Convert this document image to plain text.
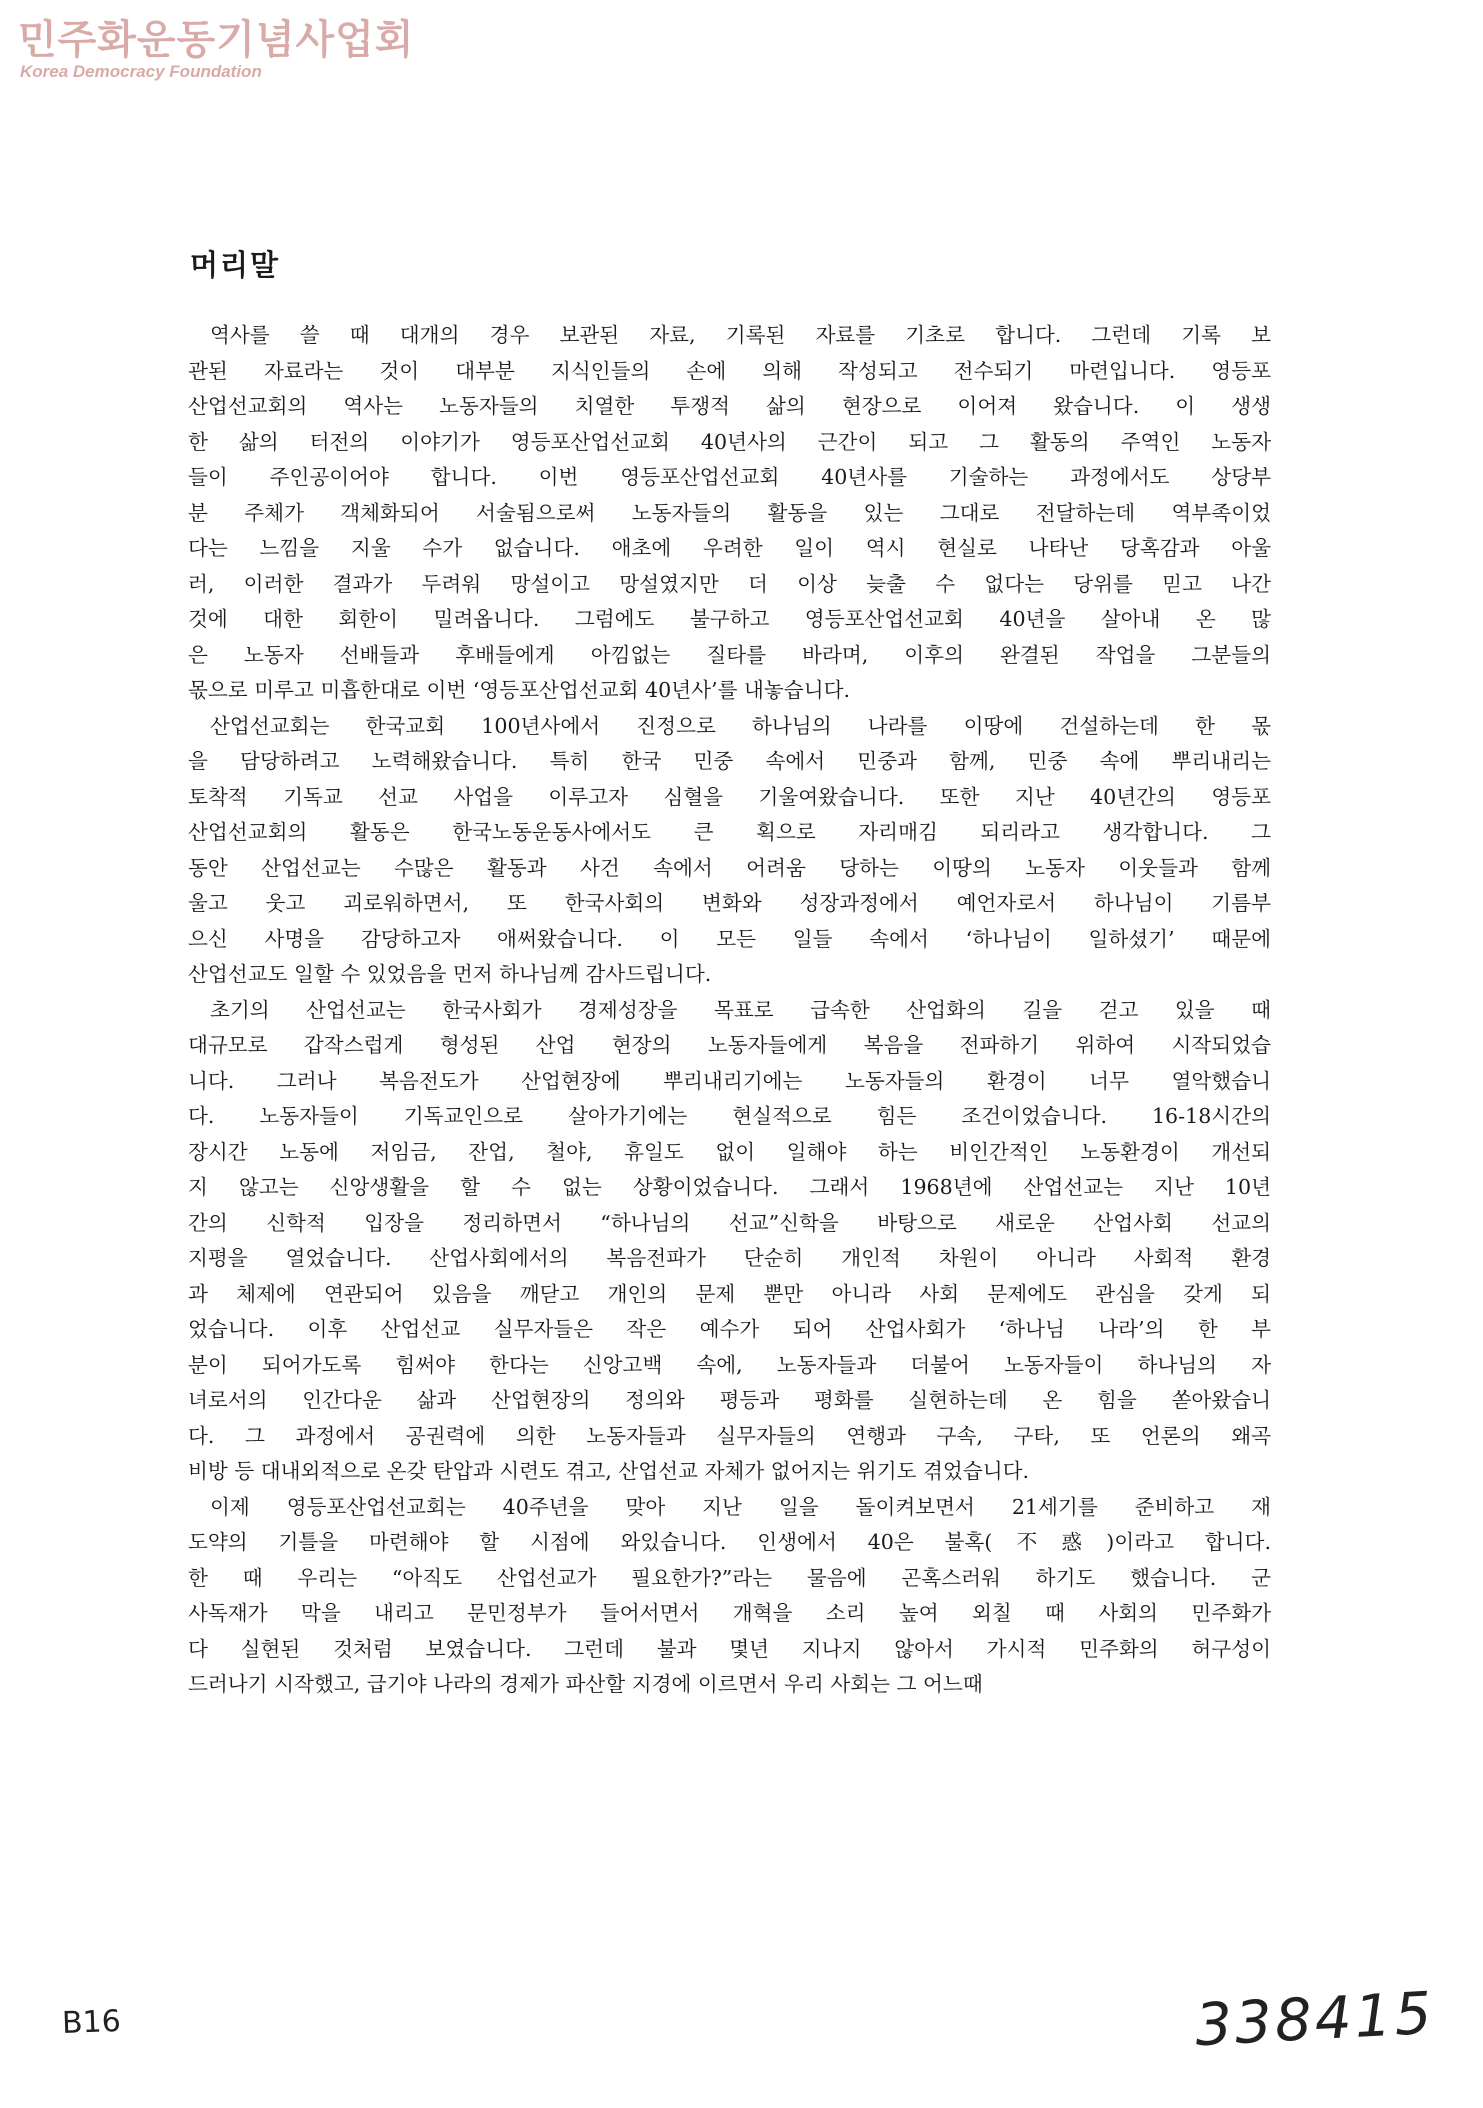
민주화운동기념사업회
Korea Democracy Foundation
머리말
역사를 쓸 때 대개의 경우 보관된 자료, 기록된 자료를 기초로 합니다. 그런데 기록 보
관된 자료라는 것이 대부분 지식인들의 손에 의해 작성되고 전수되기 마련입니다. 영등포
산업선교회의 역사는 노동자들의 치열한 투쟁적 삶의 현장으로 이어져 왔습니다. 이 생생
한 삶의 터전의 이야기가 영등포산업선교회 40년사의 근간이 되고 그 활동의 주역인 노동자
들이 주인공이어야 합니다. 이번 영등포산업선교회 40년사를 기술하는 과정에서도 상당부
분 주체가 객체화되어 서술됨으로써 노동자들의 활동을 있는 그대로 전달하는데 역부족이었
다는 느낌을 지울 수가 없습니다. 애초에 우려한 일이 역시 현실로 나타난 당혹감과 아울
러, 이러한 결과가 두려워 망설이고 망설였지만 더 이상 늦출 수 없다는 당위를 믿고 나간
것에 대한 회한이 밀려옵니다. 그럼에도 불구하고 영등포산업선교회 40년을 살아내 온 많
은 노동자 선배들과 후배들에게 아낌없는 질타를 바라며, 이후의 완결된 작업을 그분들의
몫으로 미루고 미흡한대로 이번 ‘영등포산업선교회 40년사’를 내놓습니다.
산업선교회는 한국교회 100년사에서 진정으로 하나님의 나라를 이땅에 건설하는데 한 몫
을 담당하려고 노력해왔습니다. 특히 한국 민중 속에서 민중과 함께, 민중 속에 뿌리내리는
토착적 기독교 선교 사업을 이루고자 심혈을 기울여왔습니다. 또한 지난 40년간의 영등포
산업선교회의 활동은 한국노동운동사에서도 큰 획으로 자리매김 되리라고 생각합니다. 그
동안 산업선교는 수많은 활동과 사건 속에서 어려움 당하는 이땅의 노동자 이웃들과 함께
울고 웃고 괴로워하면서, 또 한국사회의 변화와 성장과정에서 예언자로서 하나님이 기름부
으신 사명을 감당하고자 애써왔습니다. 이 모든 일들 속에서 ‘하나님이 일하셨기’ 때문에
산업선교도 일할 수 있었음을 먼저 하나님께 감사드립니다.
초기의 산업선교는 한국사회가 경제성장을 목표로 급속한 산업화의 길을 걷고 있을 때
대규모로 갑작스럽게 형성된 산업 현장의 노동자들에게 복음을 전파하기 위하여 시작되었습
니다. 그러나 복음전도가 산업현장에 뿌리내리기에는 노동자들의 환경이 너무 열악했습니
다. 노동자들이 기독교인으로 살아가기에는 현실적으로 힘든 조건이었습니다. 16-18시간의
장시간 노동에 저임금, 잔업, 철야, 휴일도 없이 일해야 하는 비인간적인 노동환경이 개선되
지 않고는 신앙생활을 할 수 없는 상황이었습니다. 그래서 1968년에 산업선교는 지난 10년
간의 신학적 입장을 정리하면서 “하나님의 선교”신학을 바탕으로 새로운 산업사회 선교의
지평을 열었습니다. 산업사회에서의 복음전파가 단순히 개인적 차원이 아니라 사회적 환경
과 체제에 연관되어 있음을 깨닫고 개인의 문제 뿐만 아니라 사회 문제에도 관심을 갖게 되
었습니다. 이후 산업선교 실무자들은 작은 예수가 되어 산업사회가 ‘하나님 나라’의 한 부
분이 되어가도록 힘써야 한다는 신앙고백 속에, 노동자들과 더불어 노동자들이 하나님의 자
녀로서의 인간다운 삶과 산업현장의 정의와 평등과 평화를 실현하는데 온 힘을 쏟아왔습니
다. 그 과정에서 공권력에 의한 노동자들과 실무자들의 연행과 구속, 구타, 또 언론의 왜곡
비방 등 대내외적으로 온갖 탄압과 시련도 겪고, 산업선교 자체가 없어지는 위기도 겪었습니다.
이제 영등포산업선교회는 40주년을 맞아 지난 일을 돌이켜보면서 21세기를 준비하고 재
도약의 기틀을 마련해야 할 시점에 와있습니다. 인생에서 40은 불혹(不惑)이라고 합니다.
한 때 우리는 “아직도 산업선교가 필요한가?”라는 물음에 곤혹스러워 하기도 했습니다. 군
사독재가 막을 내리고 문민정부가 들어서면서 개혁을 소리 높여 외칠 때 사회의 민주화가
다 실현된 것처럼 보였습니다. 그런데 불과 몇년 지나지 않아서 가시적 민주화의 허구성이
드러나기 시작했고, 급기야 나라의 경제가 파산할 지경에 이르면서 우리 사회는 그 어느때
B16	338415
